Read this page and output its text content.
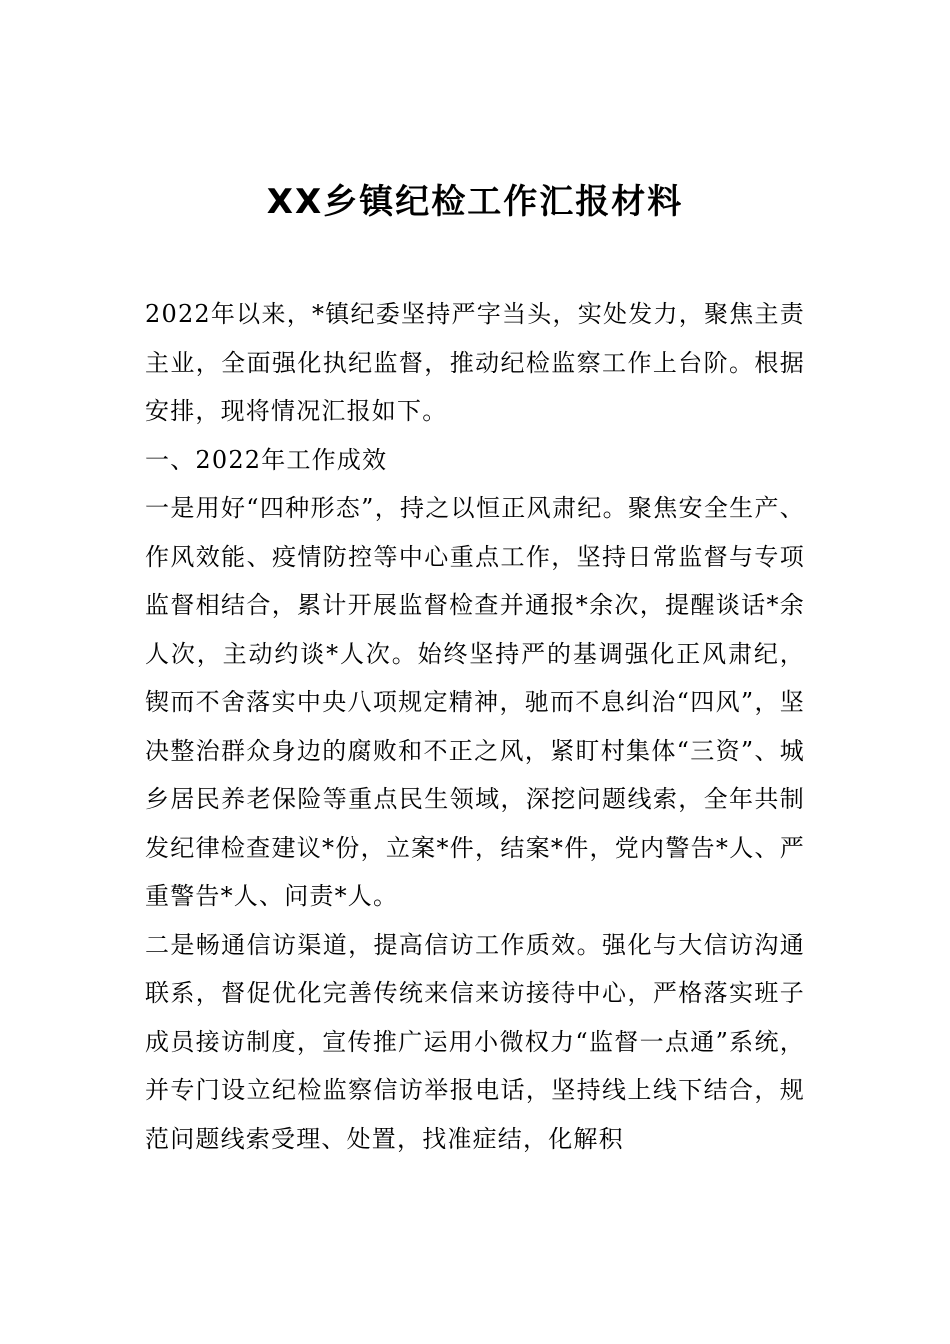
XX乡镇纪检工作汇报材料

2022年以来，*镇纪委坚持严字当头，实处发力，聚焦主责主业，全面强化执纪监督，推动纪检监察工作上台阶。根据安排，现将情况汇报如下。

一、2022年工作成效

一是用好“四种形态”，持之以恒正风肃纪。聚焦安全生产、作风效能、疫情防控等中心重点工作，坚持日常监督与专项监督相结合，累计开展监督检查并通报*余次，提醒谈话*余人次，主动约谈*人次。始终坚持严的基调强化正风肃纪，锲而不舍落实中央八项规定精神，驰而不息纠治“四风”，坚决整治群众身边的腐败和不正之风，紧盯村集体“三资”、城乡居民养老保险等重点民生领域，深挖问题线索，全年共制发纪律检查建议*份，立案*件，结案*件，党内警告*人、严重警告*人、问责*人。

二是畅通信访渠道，提高信访工作质效。强化与大信访沟通联系，督促优化完善传统来信来访接待中心，严格落实班子成员接访制度，宣传推广运用小微权力“监督一点通”系统，并专门设立纪检监察信访举报电话，坚持线上线下结合，规范问题线索受理、处置，找准症结，化解积
